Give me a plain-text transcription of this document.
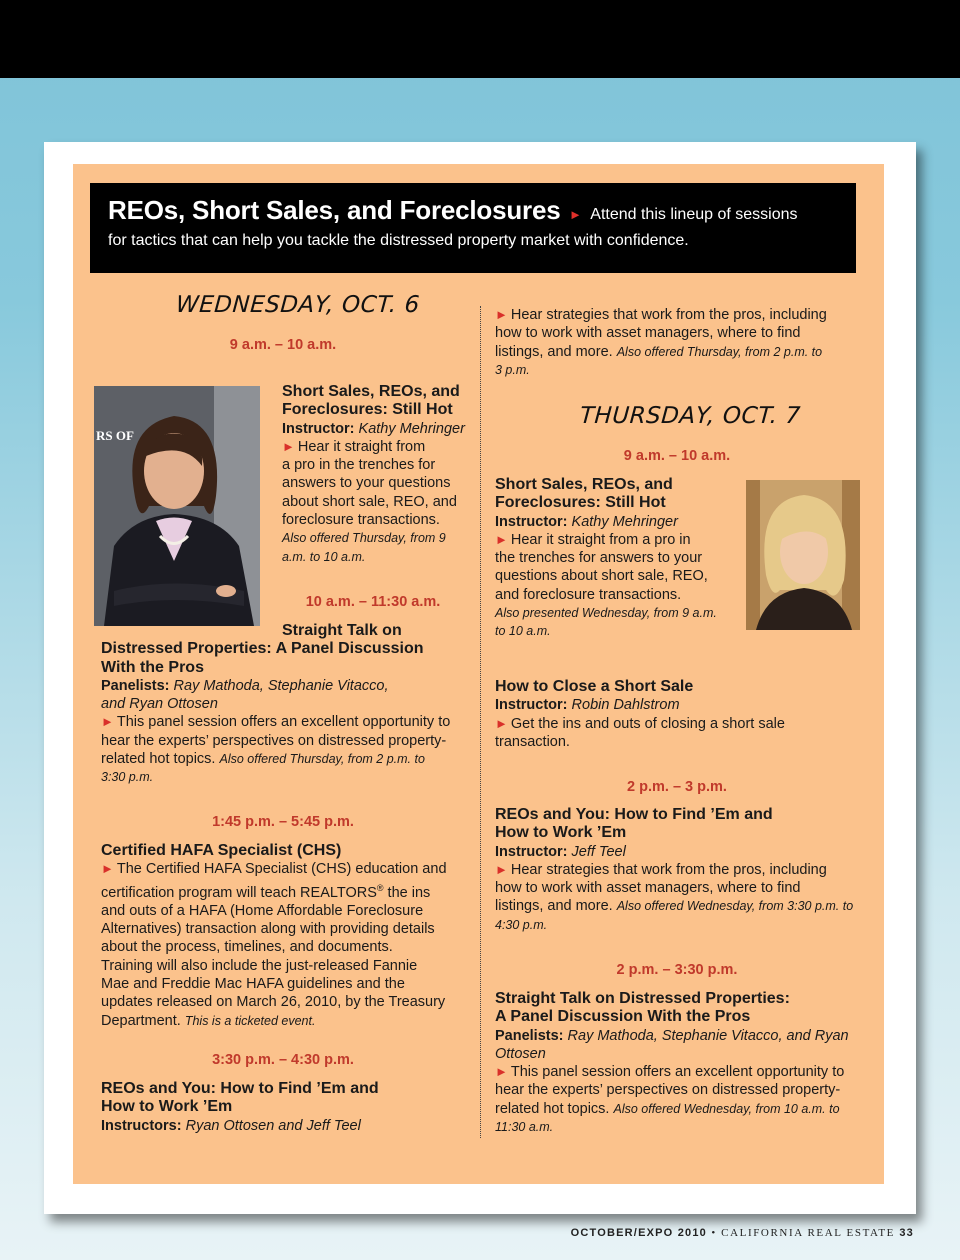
REOs, Short Sales, and Foreclosures ► Attend this lineup of sessions
for tactics that can help you tackle the distressed property market with confidence.
WEDNESDAY, OCT. 6
9 a.m. – 10 a.m.
RS OF
Short Sales, REOs, and
Foreclosures: Still Hot
Instructor: Kathy Mehringer
► Hear it straight from
a pro in the trenches for
answers to your questions
about short sale, REO, and
foreclosure transactions.
Also offered Thursday, from 9
a.m. to 10 a.m.
10 a.m. – 11:30 a.m.
Straight Talk on
Distressed Properties: A Panel Discussion
With the Pros
Panelists: Ray Mathoda, Stephanie Vitacco,
and Ryan Ottosen
► This panel session offers an excellent opportunity to
hear the experts’ perspectives on distressed property-
related hot topics. Also offered Thursday, from 2 p.m. to
3:30 p.m.
1:45 p.m. – 5:45 p.m.
Certified HAFA Specialist (CHS)
► The Certified HAFA Specialist (CHS) education and
certification program will teach REALTORS® the ins
and outs of a HAFA (Home Affordable Foreclosure
Alternatives) transaction along with providing details
about the process, timelines, and documents.
Training will also include the just-released Fannie
Mae and Freddie Mac HAFA guidelines and the
updates released on March 26, 2010, by the Treasury
Department. This is a ticketed event.
3:30 p.m. – 4:30 p.m.
REOs and You: How to Find ’Em and
How to Work ’Em
Instructors: Ryan Ottosen and Jeff Teel
► Hear strategies that work from the pros, including
how to work with asset managers, where to find
listings, and more. Also offered Thursday, from 2 p.m. to
3 p.m.
THURSDAY, OCT. 7
9 a.m. – 10 a.m.
Short Sales, REOs, and
Foreclosures: Still Hot
Instructor: Kathy Mehringer
► Hear it straight from a pro in
the trenches for answers to your
questions about short sale, REO,
and foreclosure transactions.
Also presented Wednesday, from 9 a.m.
to 10 a.m.
How to Close a Short Sale
Instructor: Robin Dahlstrom
► Get the ins and outs of closing a short sale
transaction.
2 p.m. – 3 p.m.
REOs and You: How to Find ’Em and
How to Work ’Em
Instructor: Jeff Teel
► Hear strategies that work from the pros, including
how to work with asset managers, where to find
listings, and more. Also offered Wednesday, from 3:30 p.m. to
4:30 p.m.
2 p.m. – 3:30 p.m.
Straight Talk on Distressed Properties:
A Panel Discussion With the Pros
Panelists: Ray Mathoda, Stephanie Vitacco, and Ryan
Ottosen
► This panel session offers an excellent opportunity to
hear the experts’ perspectives on distressed property-
related hot topics. Also offered Wednesday, from 10 a.m. to
11:30 a.m.
OCTOBER/EXPO 2010 • CALIFORNIA REAL ESTATE 33
